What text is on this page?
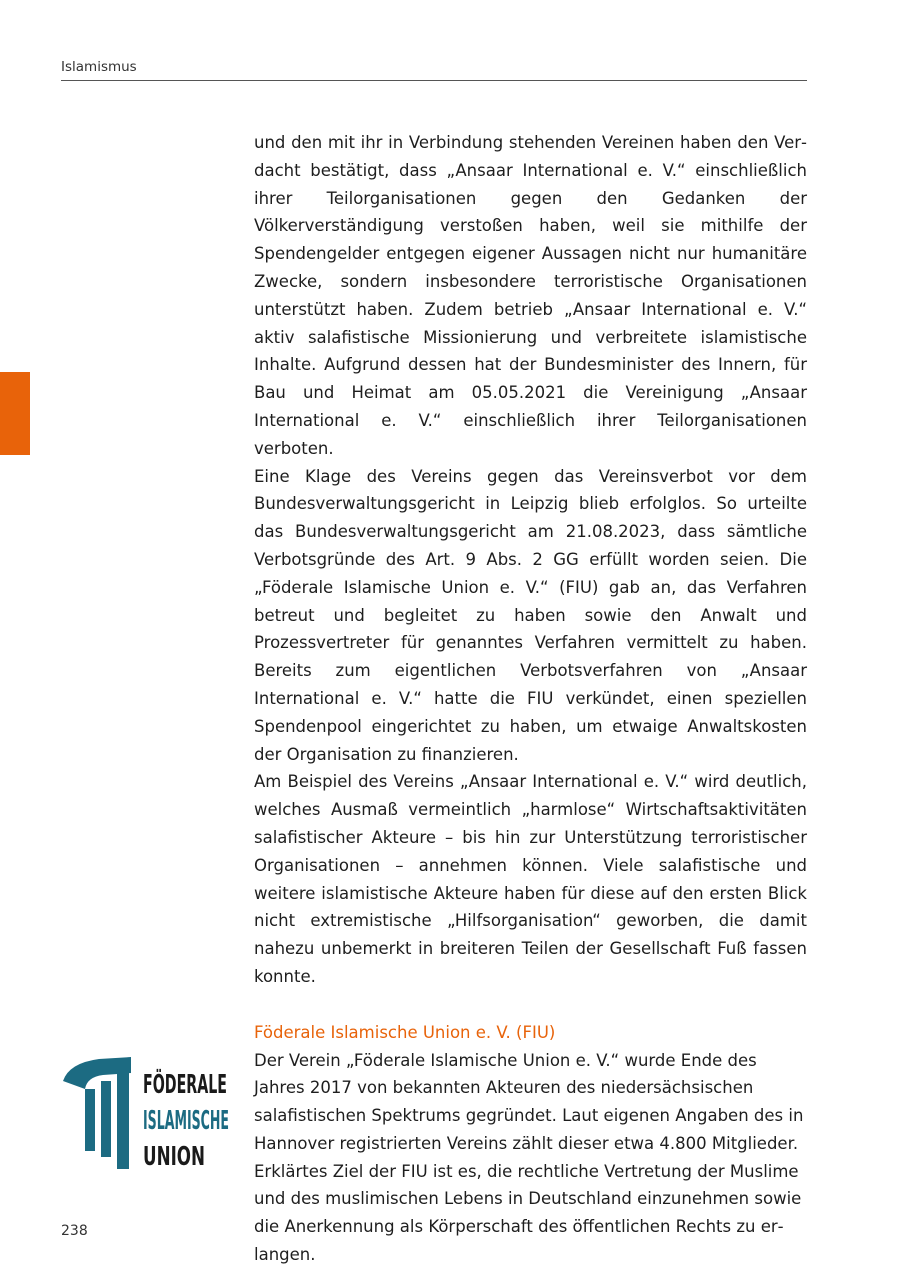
Islamismus

und den mit ihr in Verbindung stehenden Vereinen haben den Verdacht bestätigt, dass „Ansaar International e. V.“ einschließlich ihrer Teilorganisationen gegen den Gedanken der Völkerverständigung verstoßen haben, weil sie mithilfe der Spendengelder entgegen eigener Aussagen nicht nur humanitäre Zwecke, sondern insbesondere terroristische Organisationen unterstützt haben. Zudem betrieb „Ansaar International e. V.“ aktiv salafistische Missionierung und verbreitete islamistische Inhalte. Aufgrund dessen hat der Bundesminister des Innern, für Bau und Heimat am 05.05.2021 die Vereinigung „Ansaar International e. V.“ einschließlich ihrer Teilorganisationen verboten.

Eine Klage des Vereins gegen das Vereinsverbot vor dem Bundesverwaltungsgericht in Leipzig blieb erfolglos. So urteilte das Bundesverwaltungsgericht am 21.08.2023, dass sämtliche Verbotsgründe des Art. 9 Abs. 2 GG erfüllt worden seien. Die „Föderale Islamische Union e. V.“ (FIU) gab an, das Verfahren betreut und begleitet zu haben sowie den Anwalt und Prozessvertreter für genanntes Verfahren vermittelt zu haben. Bereits zum eigentlichen Verbotsverfahren von „Ansaar International e. V.“ hatte die FIU verkündet, einen speziellen Spendenpool eingerichtet zu haben, um etwaige Anwaltskosten der Organisation zu finanzieren.

Am Beispiel des Vereins „Ansaar International e. V.“ wird deutlich, welches Ausmaß vermeintlich „harmlose“ Wirtschaftsaktivitäten salafistischer Akteure – bis hin zur Unterstützung terroristischer Organisationen – annehmen können. Viele salafistische und weitere islamistische Akteure haben für diese auf den ersten Blick nicht extremistische „Hilfsorganisation“ geworben, die damit nahezu unbemerkt in breiteren Teilen der Gesellschaft Fuß fassen konnte.

Föderale Islamische Union e. V. (FIU)

Der Verein „Föderale Islamische Union e. V.“ wurde Ende des Jahres 2017 von bekannten Akteuren des niedersächsischen salafistischen Spektrums gegründet. Laut eigenen Angaben des in Hannover registrierten Vereins zählt dieser etwa 4.800 Mitglieder. Erklärtes Ziel der FIU ist es, die rechtliche Vertretung der Muslime und des muslimischen Lebens in Deutschland einzunehmen sowie die Anerkennung als Körperschaft des öffentlichen Rechts zu erlangen.

FÖDERALE
ISLAMISCHE
UNION
238
